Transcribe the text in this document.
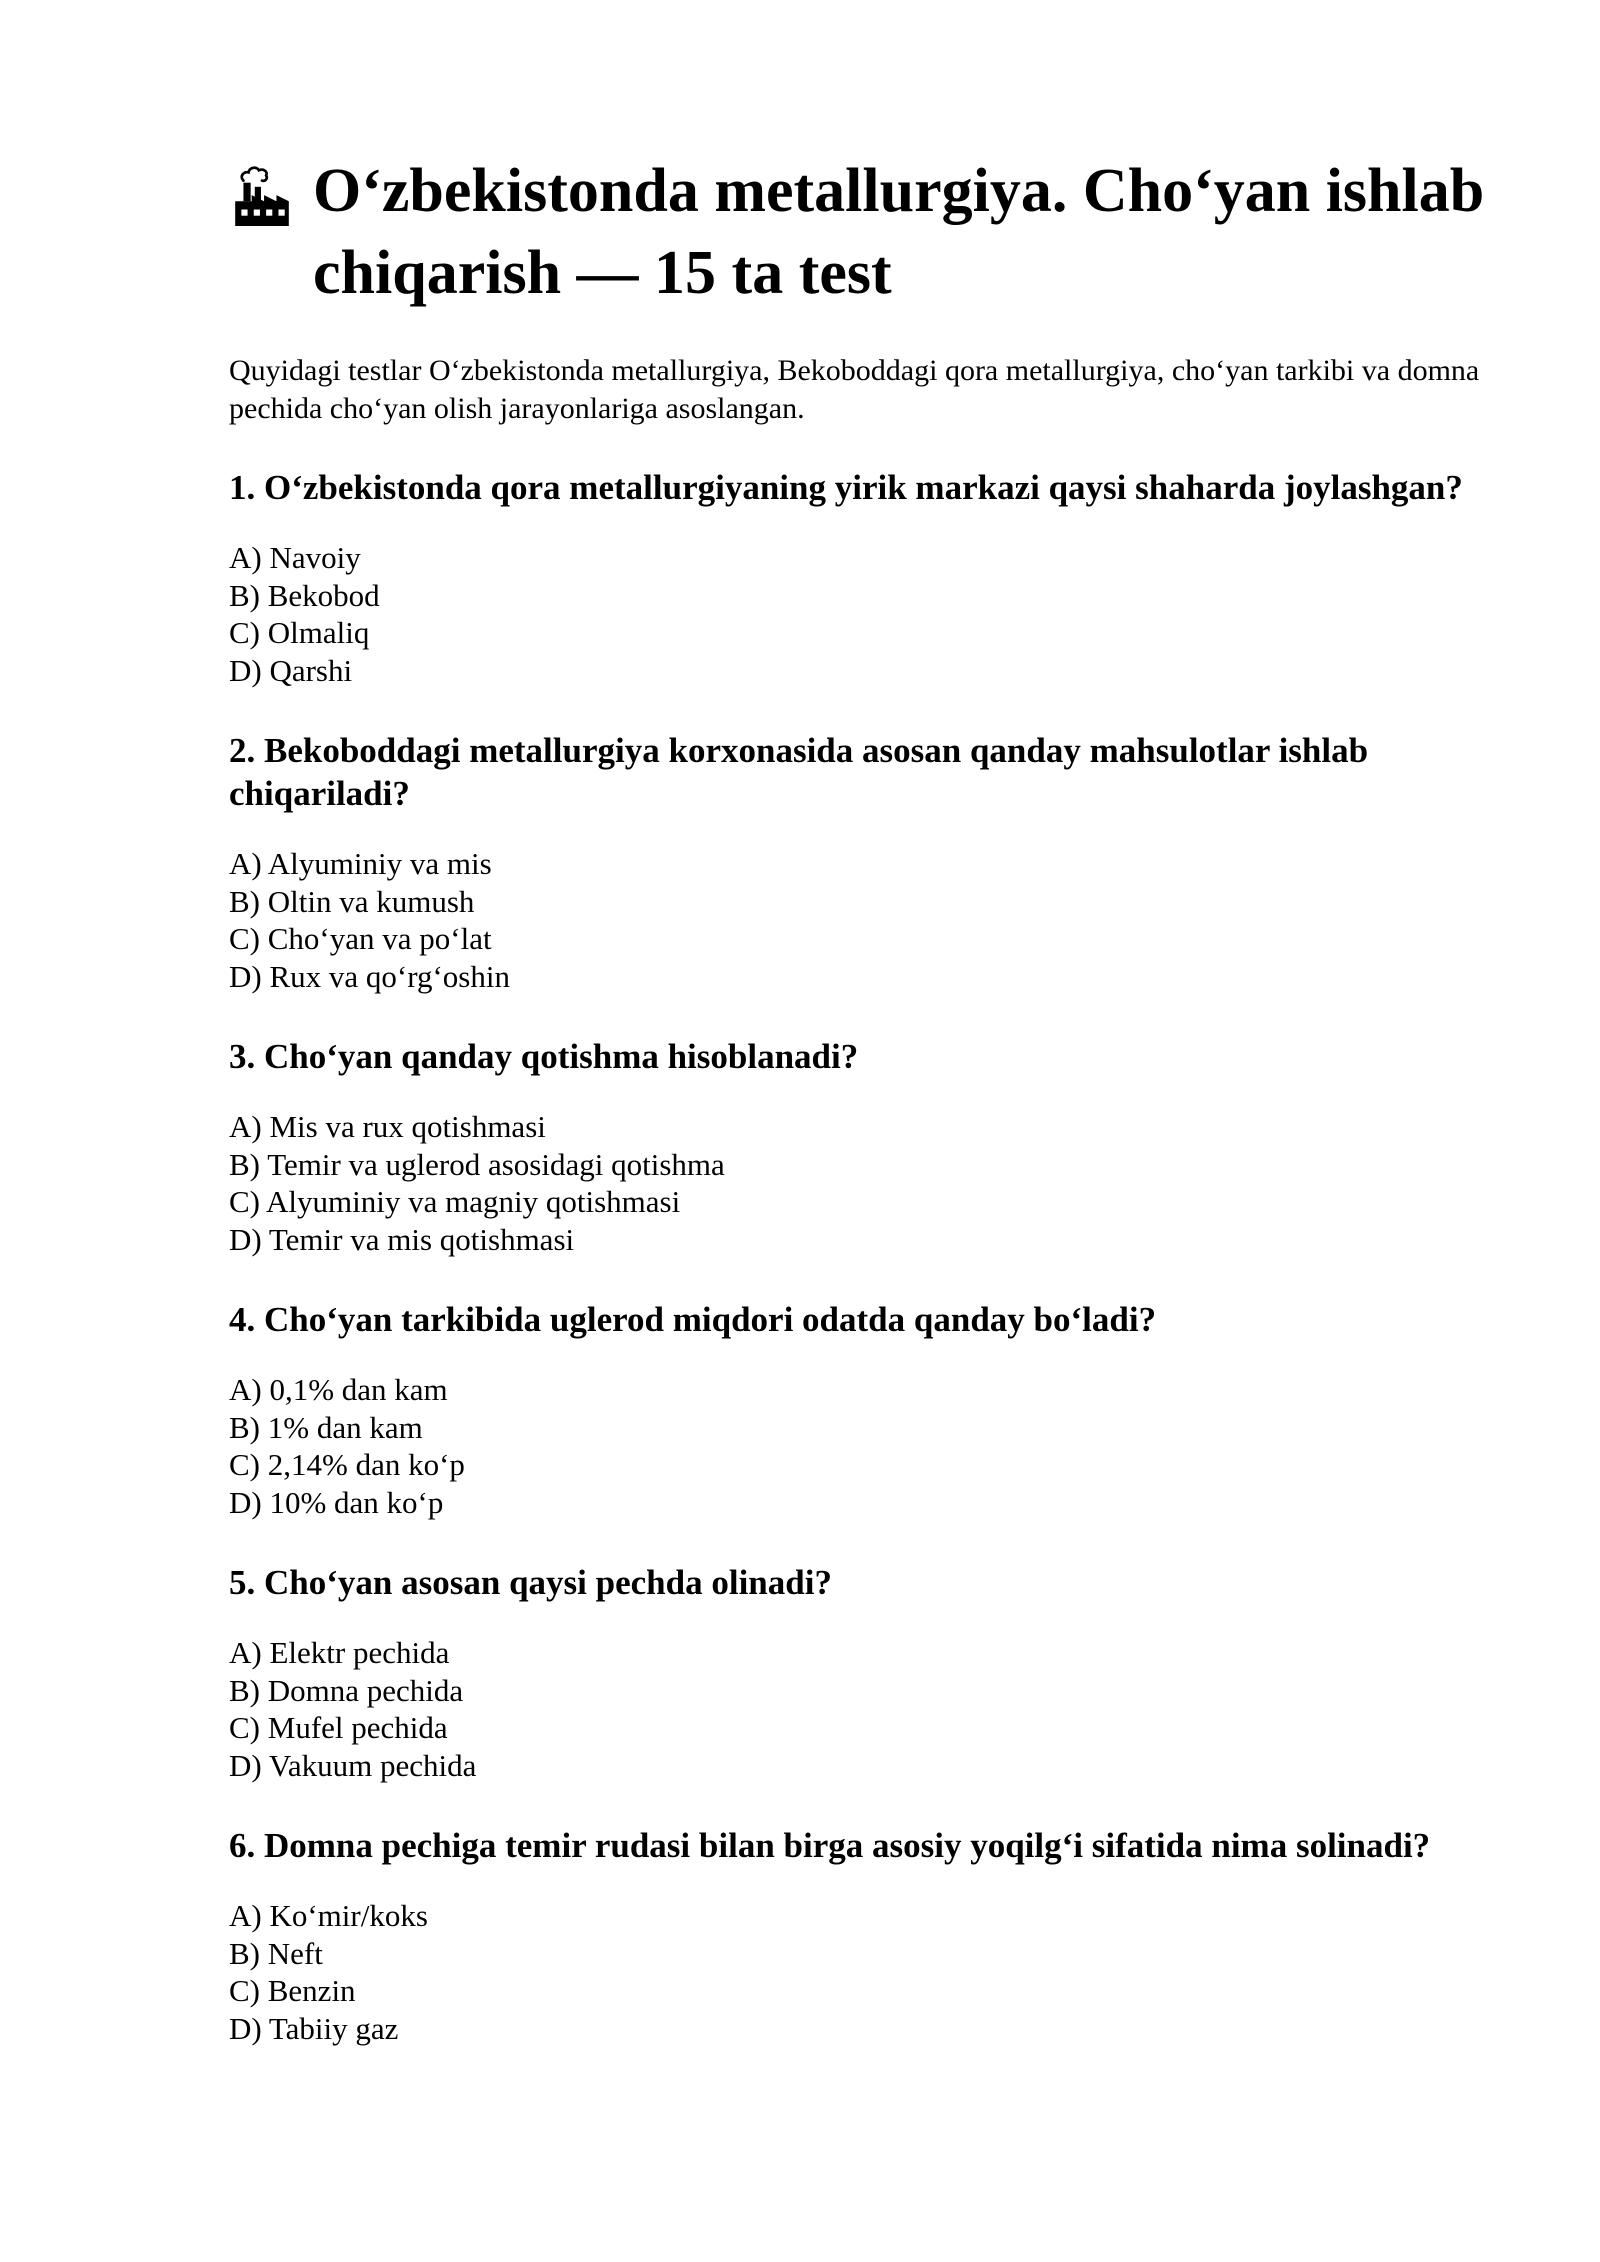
O‘zbekistonda metallurgiya. Cho‘yan ishlab chiqarish — 15 ta test

Quyidagi testlar O‘zbekistonda metallurgiya, Bekoboddagi qora metallurgiya, cho‘yan tarkibi va domna pechida cho‘yan olish jarayonlariga asoslangan.

1. O‘zbekistonda qora metallurgiyaning yirik markazi qaysi shaharda joylashgan?

A) Navoiy
B) Bekobod
C) Olmaliq
D) Qarshi

2. Bekoboddagi metallurgiya korxonasida asosan qanday mahsulotlar ishlab chiqariladi?

A) Alyuminiy va mis
B) Oltin va kumush
C) Cho‘yan va po‘lat
D) Rux va qo‘rg‘oshin

3. Cho‘yan qanday qotishma hisoblanadi?

A) Mis va rux qotishmasi
B) Temir va uglerod asosidagi qotishma
C) Alyuminiy va magniy qotishmasi
D) Temir va mis qotishmasi

4. Cho‘yan tarkibida uglerod miqdori odatda qanday bo‘ladi?

A) 0,1% dan kam
B) 1% dan kam
C) 2,14% dan ko‘p
D) 10% dan ko‘p

5. Cho‘yan asosan qaysi pechda olinadi?

A) Elektr pechida
B) Domna pechida
C) Mufel pechida
D) Vakuum pechida

6. Domna pechiga temir rudasi bilan birga asosiy yoqilg‘i sifatida nima solinadi?

A) Ko‘mir/koks
B) Neft
C) Benzin
D) Tabiiy gaz
